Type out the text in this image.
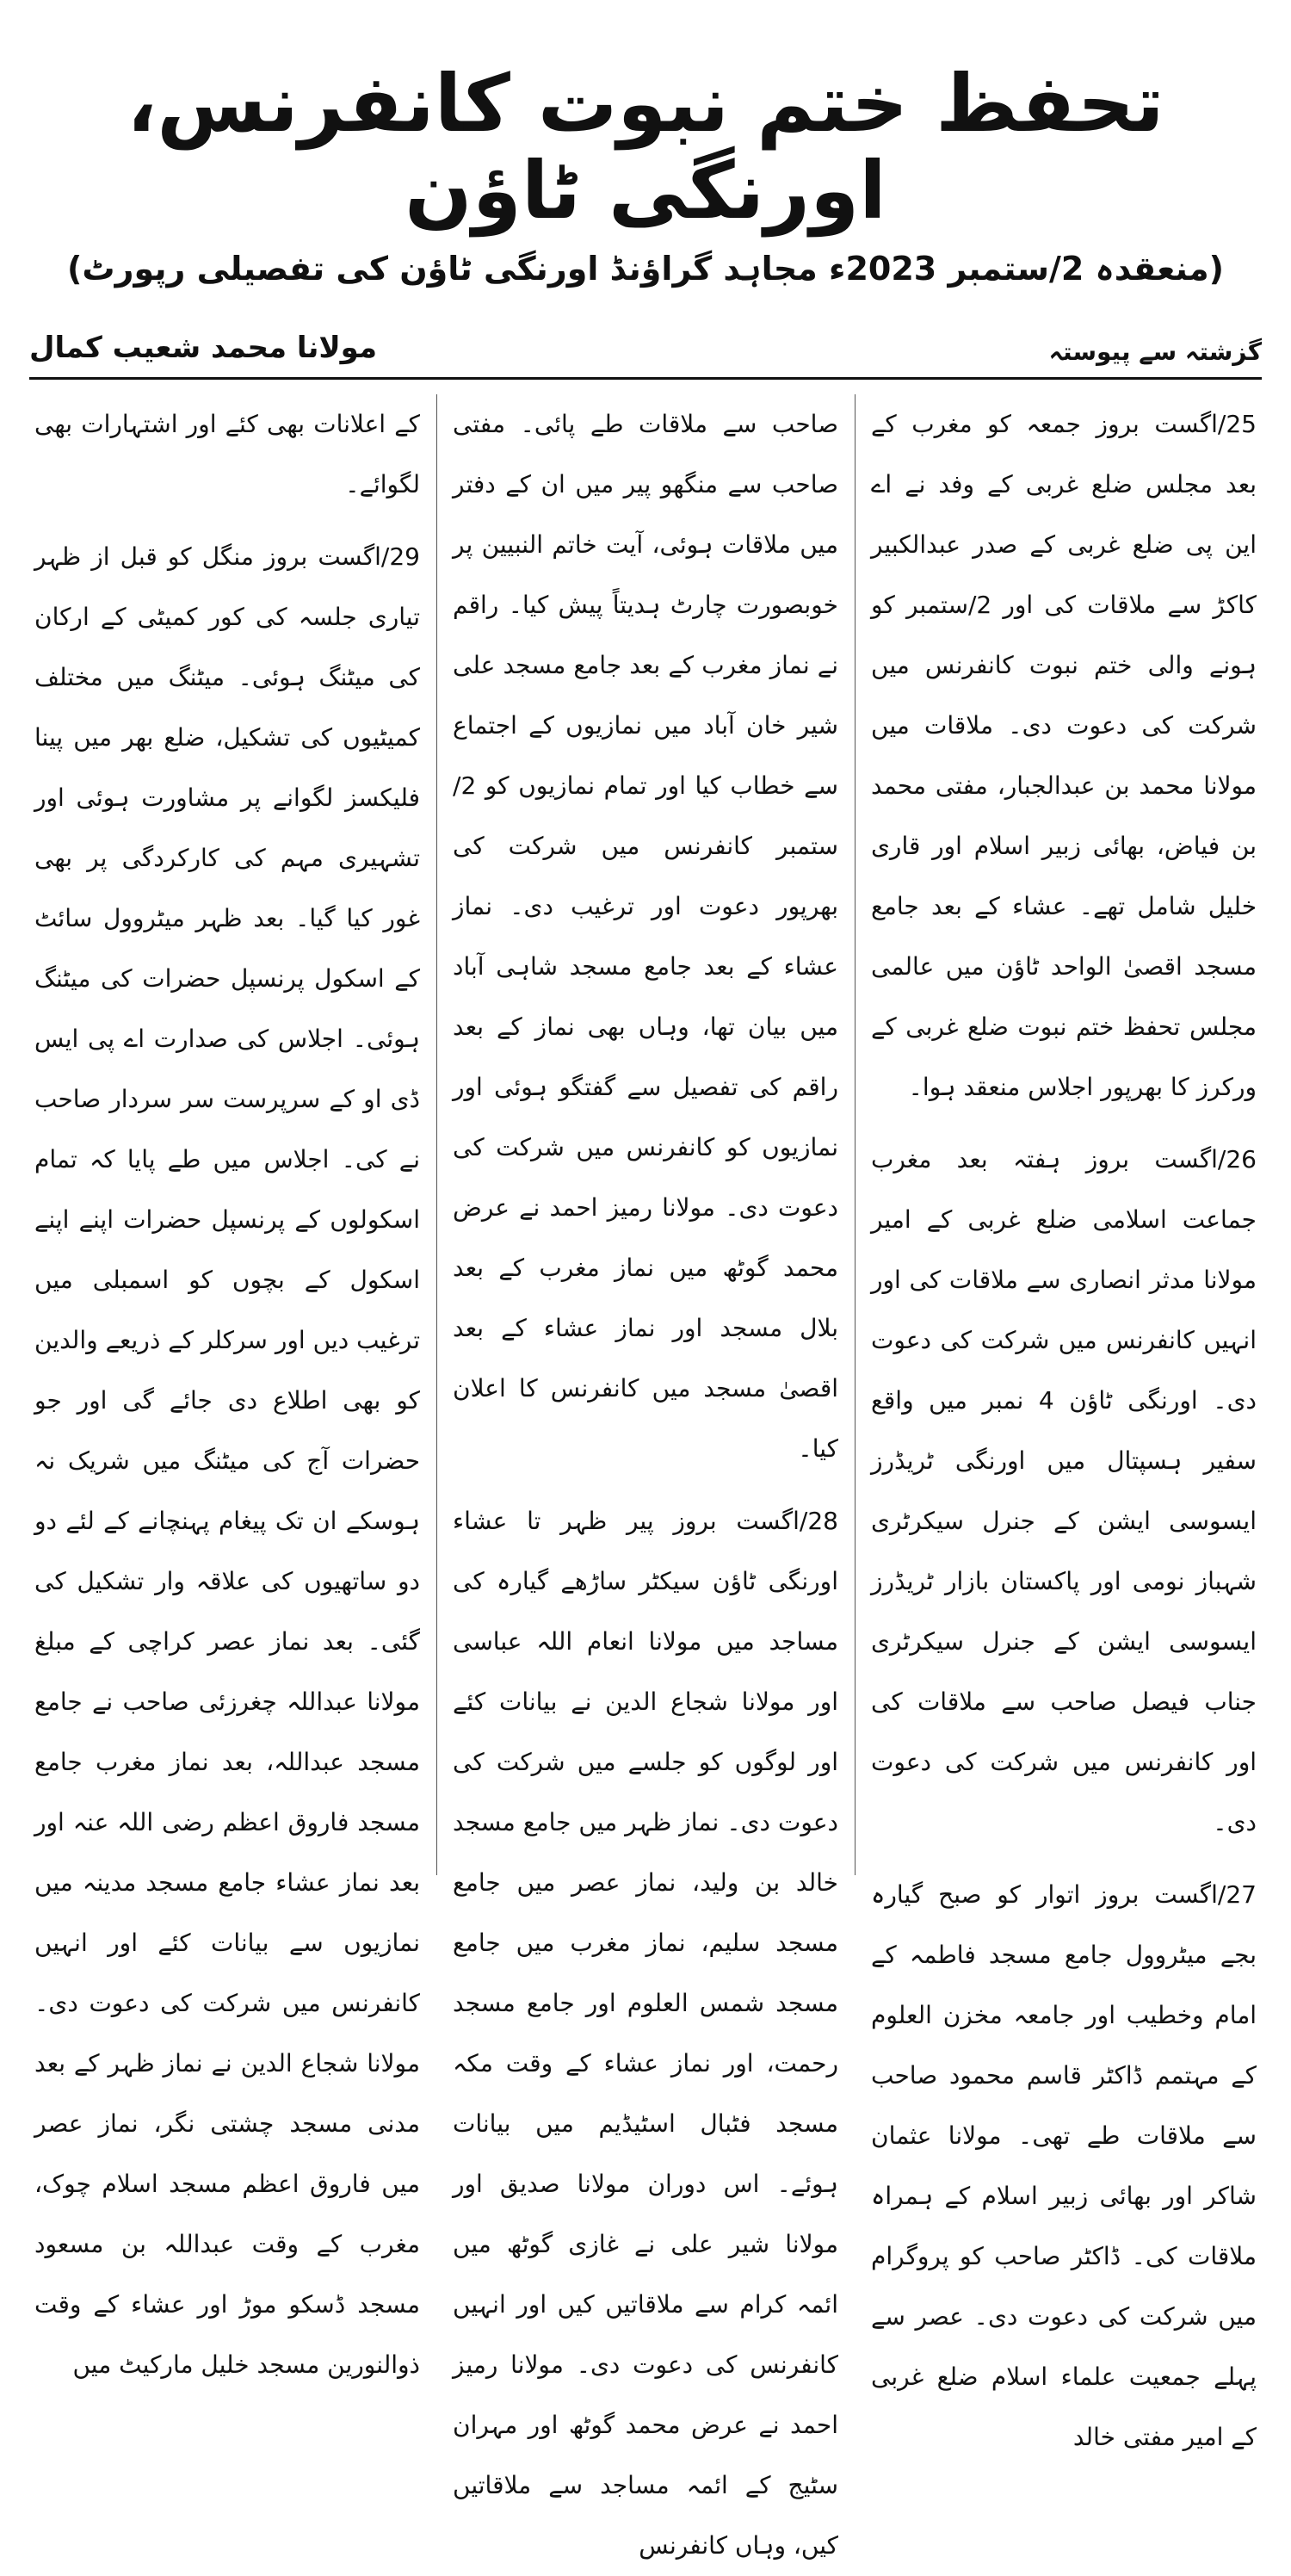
تحفظ ختم نبوت کانفرنس، اورنگی ٹاؤن
(منعقدہ 2/ستمبر 2023ء مجاہد گراؤنڈ اورنگی ٹاؤن کی تفصیلی رپورٹ)
گزشتہ سے پیوستہ
مولانا محمد شعیب کمال

25/اگست بروز جمعہ کو مغرب کے بعد مجلس ضلع غربی کے وفد نے اے این پی ضلع غربی کے صدر عبدالکبیر کاکڑ سے ملاقات کی اور 2/ستمبر کو ہونے والی ختم نبوت کانفرنس میں شرکت کی دعوت دی۔ ملاقات میں مولانا محمد بن عبدالجبار، مفتی محمد بن فیاض، بھائی زبیر اسلام اور قاری خلیل شامل تھے۔ عشاء کے بعد جامع مسجد اقصیٰ الواحد ٹاؤن میں عالمی مجلس تحفظ ختم نبوت ضلع غربی کے ورکرز کا بھرپور اجلاس منعقد ہوا۔

26/اگست بروز ہفتہ بعد مغرب جماعت اسلامی ضلع غربی کے امیر مولانا مدثر انصاری سے ملاقات کی اور انہیں کانفرنس میں شرکت کی دعوت دی۔ اورنگی ٹاؤن 4 نمبر میں واقع سفیر ہسپتال میں اورنگی ٹریڈرز ایسوسی ایشن کے جنرل سیکرٹری شہباز نومی اور پاکستان بازار ٹریڈرز ایسوسی ایشن کے جنرل سیکرٹری جناب فیصل صاحب سے ملاقات کی اور کانفرنس میں شرکت کی دعوت دی۔

27/اگست بروز اتوار کو صبح گیارہ بجے میٹروول جامع مسجد فاطمہ کے امام وخطیب اور جامعہ مخزن العلوم کے مہتمم ڈاکٹر قاسم محمود صاحب سے ملاقات طے تھی۔ مولانا عثمان شاکر اور بھائی زبیر اسلام کے ہمراہ ملاقات کی۔ ڈاکٹر صاحب کو پروگرام میں شرکت کی دعوت دی۔ عصر سے پہلے جمعیت علماء اسلام ضلع غربی کے امیر مفتی خالد

صاحب سے ملاقات طے پائی۔ مفتی صاحب سے منگھو پیر میں ان کے دفتر میں ملاقات ہوئی، آیت خاتم النبیین پر خوبصورت چارٹ ہدیتاً پیش کیا۔ راقم نے نماز مغرب کے بعد جامع مسجد علی شیر خان آباد میں نمازیوں کے اجتماع سے خطاب کیا اور تمام نمازیوں کو 2/ستمبر کانفرنس میں شرکت کی بھرپور دعوت اور ترغیب دی۔ نماز عشاء کے بعد جامع مسجد شاہی آباد میں بیان تھا، وہاں بھی نماز کے بعد راقم کی تفصیل سے گفتگو ہوئی اور نمازیوں کو کانفرنس میں شرکت کی دعوت دی۔ مولانا رمیز احمد نے عرض محمد گوٹھ میں نماز مغرب کے بعد بلال مسجد اور نماز عشاء کے بعد اقصیٰ مسجد میں کانفرنس کا اعلان کیا۔

28/اگست بروز پیر ظہر تا عشاء اورنگی ٹاؤن سیکٹر ساڑھے گیارہ کی مساجد میں مولانا انعام اللہ عباسی اور مولانا شجاع الدین نے بیانات کئے اور لوگوں کو جلسے میں شرکت کی دعوت دی۔ نماز ظہر میں جامع مسجد خالد بن ولید، نماز عصر میں جامع مسجد سلیم، نماز مغرب میں جامع مسجد شمس العلوم اور جامع مسجد رحمت، اور نماز عشاء کے وقت مکہ مسجد فٹبال اسٹیڈیم میں بیانات ہوئے۔ اس دوران مولانا صدیق اور مولانا شیر علی نے غازی گوٹھ میں ائمہ کرام سے ملاقاتیں کیں اور انہیں کانفرنس کی دعوت دی۔ مولانا رمیز احمد نے عرض محمد گوٹھ اور مہران سٹیج کے ائمہ مساجد سے ملاقاتیں کیں، وہاں کانفرنس

کے اعلانات بھی کئے اور اشتہارات بھی لگوائے۔

29/اگست بروز منگل کو قبل از ظہر تیاری جلسہ کی کور کمیٹی کے ارکان کی میٹنگ ہوئی۔ میٹنگ میں مختلف کمیٹیوں کی تشکیل، ضلع بھر میں پینا فلیکسز لگوانے پر مشاورت ہوئی اور تشہیری مہم کی کارکردگی پر بھی غور کیا گیا۔ بعد ظہر میٹروول سائٹ کے اسکول پرنسپل حضرات کی میٹنگ ہوئی۔ اجلاس کی صدارت اے پی ایس ڈی او کے سرپرست سر سردار صاحب نے کی۔ اجلاس میں طے پایا کہ تمام اسکولوں کے پرنسپل حضرات اپنے اپنے اسکول کے بچوں کو اسمبلی میں ترغیب دیں اور سرکلر کے ذریعے والدین کو بھی اطلاع دی جائے گی اور جو حضرات آج کی میٹنگ میں شریک نہ ہوسکے ان تک پیغام پہنچانے کے لئے دو دو ساتھیوں کی علاقہ وار تشکیل کی گئی۔ بعد نماز عصر کراچی کے مبلغ مولانا عبداللہ چغرزئی صاحب نے جامع مسجد عبداللہ، بعد نماز مغرب جامع مسجد فاروق اعظم رضی اللہ عنہ اور بعد نماز عشاء جامع مسجد مدینہ میں نمازیوں سے بیانات کئے اور انہیں کانفرنس میں شرکت کی دعوت دی۔ مولانا شجاع الدین نے نماز ظہر کے بعد مدنی مسجد چشتی نگر، نماز عصر میں فاروق اعظم مسجد اسلام چوک، مغرب کے وقت عبداللہ بن مسعود مسجد ڈسکو موڑ اور عشاء کے وقت ذوالنورین مسجد خلیل مارکیٹ میں
